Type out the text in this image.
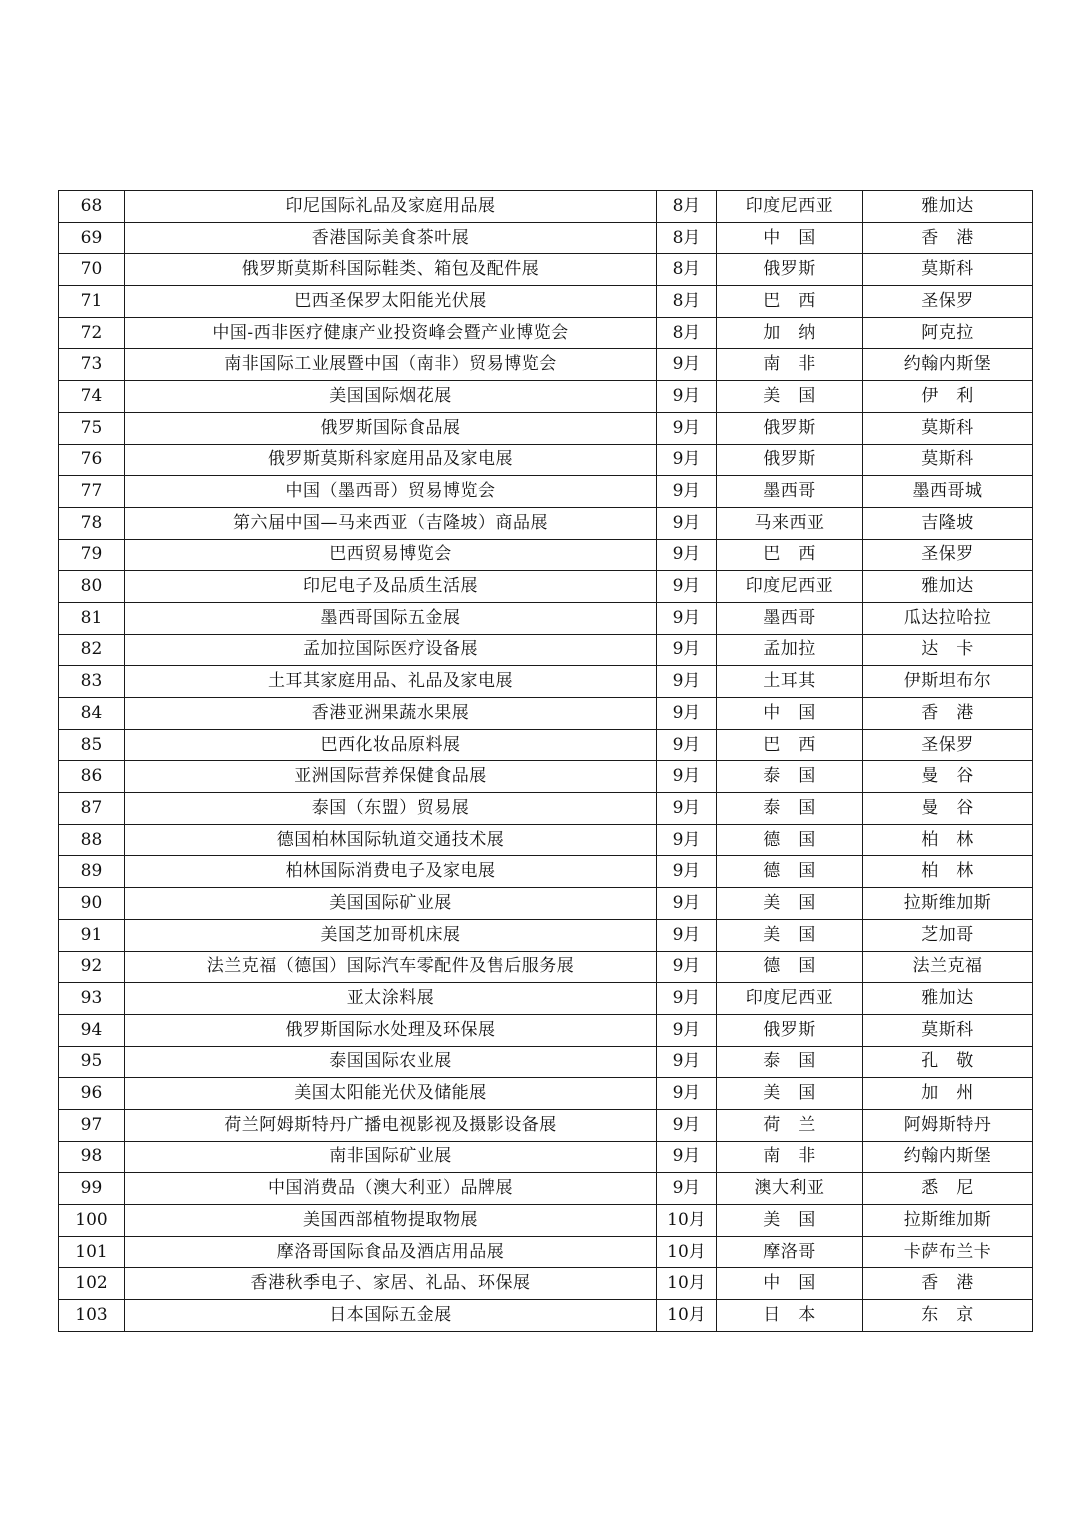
68	印尼国际礼品及家庭用品展	8月	印度尼西亚	雅加达
69	香港国际美食茶叶展	8月	中　国	香　港
70	俄罗斯莫斯科国际鞋类、箱包及配件展	8月	俄罗斯	莫斯科
71	巴西圣保罗太阳能光伏展	8月	巴　西	圣保罗
72	中国-西非医疗健康产业投资峰会暨产业博览会	8月	加　纳	阿克拉
73	南非国际工业展暨中国（南非）贸易博览会	9月	南　非	约翰内斯堡
74	美国国际烟花展	9月	美　国	伊　利
75	俄罗斯国际食品展	9月	俄罗斯	莫斯科
76	俄罗斯莫斯科家庭用品及家电展	9月	俄罗斯	莫斯科
77	中国（墨西哥）贸易博览会	9月	墨西哥	墨西哥城
78	第六届中国—马来西亚（吉隆坡）商品展	9月	马来西亚	吉隆坡
79	巴西贸易博览会	9月	巴　西	圣保罗
80	印尼电子及品质生活展	9月	印度尼西亚	雅加达
81	墨西哥国际五金展	9月	墨西哥	瓜达拉哈拉
82	孟加拉国际医疗设备展	9月	孟加拉	达　卡
83	土耳其家庭用品、礼品及家电展	9月	土耳其	伊斯坦布尔
84	香港亚洲果蔬水果展	9月	中　国	香　港
85	巴西化妆品原料展	9月	巴　西	圣保罗
86	亚洲国际营养保健食品展	9月	泰　国	曼　谷
87	泰国（东盟）贸易展	9月	泰　国	曼　谷
88	德国柏林国际轨道交通技术展	9月	德　国	柏　林
89	柏林国际消费电子及家电展	9月	德　国	柏　林
90	美国国际矿业展	9月	美　国	拉斯维加斯
91	美国芝加哥机床展	9月	美　国	芝加哥
92	法兰克福（德国）国际汽车零配件及售后服务展	9月	德　国	法兰克福
93	亚太涂料展	9月	印度尼西亚	雅加达
94	俄罗斯国际水处理及环保展	9月	俄罗斯	莫斯科
95	泰国国际农业展	9月	泰　国	孔　敬
96	美国太阳能光伏及储能展	9月	美　国	加　州
97	荷兰阿姆斯特丹广播电视影视及摄影设备展	9月	荷　兰	阿姆斯特丹
98	南非国际矿业展	9月	南　非	约翰内斯堡
99	中国消费品（澳大利亚）品牌展	9月	澳大利亚	悉　尼
100	美国西部植物提取物展	10月	美　国	拉斯维加斯
101	摩洛哥国际食品及酒店用品展	10月	摩洛哥	卡萨布兰卡
102	香港秋季电子、家居、礼品、环保展	10月	中　国	香　港
103	日本国际五金展	10月	日　本	东　京
